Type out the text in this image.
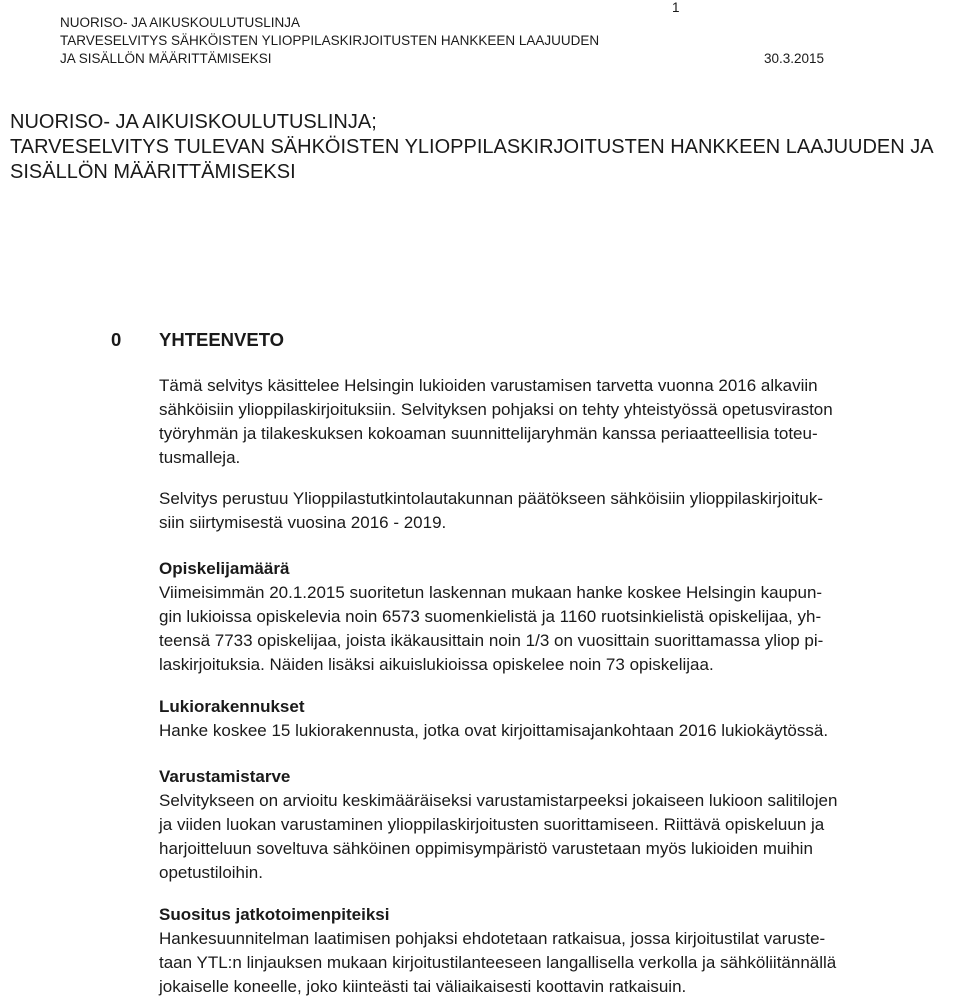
1
NUORISO- JA AIKUSKOULUTUSLINJA
TARVESELVITYS SÄHKÖISTEN YLIOPPILASKIRJOITUSTEN HANKKEEN LAAJUUDEN
JA SISÄLLÖN MÄÄRITTÄMISEKSI	30.3.2015
NUORISO- JA AIKUISKOULUTUSLINJA;
TARVESELVITYS TULEVAN SÄHKÖISTEN YLIOPPILASKIRJOITUSTEN HANKKEEN LAAJUUDEN JA
SISÄLLÖN MÄÄRITTÄMISEKSI
0 YHTEENVETO
Tämä selvitys käsittelee Helsingin lukioiden varustamisen tarvetta vuonna 2016 alkaviin
sähköisiin ylioppilaskirjoituksiin. Selvityksen pohjaksi on tehty yhteistyössä opetusviraston
työryhmän ja tilakeskuksen kokoaman suunnittelijaryhmän kanssa periaatteellisia toteu-
tusmalleja.
Selvitys perustuu Ylioppilastutkintolautakunnan päätökseen sähköisiin ylioppilaskirjoituk-
siin siirtymisestä vuosina 2016 - 2019.
Opiskelijamäärä
Viimeisimmän 20.1.2015 suoritetun laskennan mukaan hanke koskee Helsingin kaupun-
gin lukioissa opiskelevia noin 6573 suomenkielistä ja 1160 ruotsinkielistä opiskelijaa, yh-
teensä 7733 opiskelijaa, joista ikäkausittain noin 1/3 on vuosittain suorittamassa yliop pi-
laskirjoituksia. Näiden lisäksi aikuislukioissa opiskelee noin 73 opiskelijaa.
Lukiorakennukset
Hanke koskee 15 lukiorakennusta, jotka ovat kirjoittamisajankohtaan 2016 lukiokäytössä.
Varustamistarve
Selvitykseen on arvioitu keskimääräiseksi varustamistarpeeksi jokaiseen lukioon salitilojen
ja viiden luokan varustaminen ylioppilaskirjoitusten suorittamiseen. Riittävä opiskeluun ja
harjoitteluun soveltuva sähköinen oppimisympäristö varustetaan myös lukioiden muihin
opetustiloihin.
Suositus jatkotoimenpiteiksi
Hankesuunnitelman laatimisen pohjaksi ehdotetaan ratkaisua, jossa kirjoitustilat varuste-
taan YTL:n linjauksen mukaan kirjoitustilanteeseen langallisella verkolla ja sähköliitännällä
jokaiselle koneelle, joko kiinteästi tai väliaikaisesti koottavin ratkaisuin.
